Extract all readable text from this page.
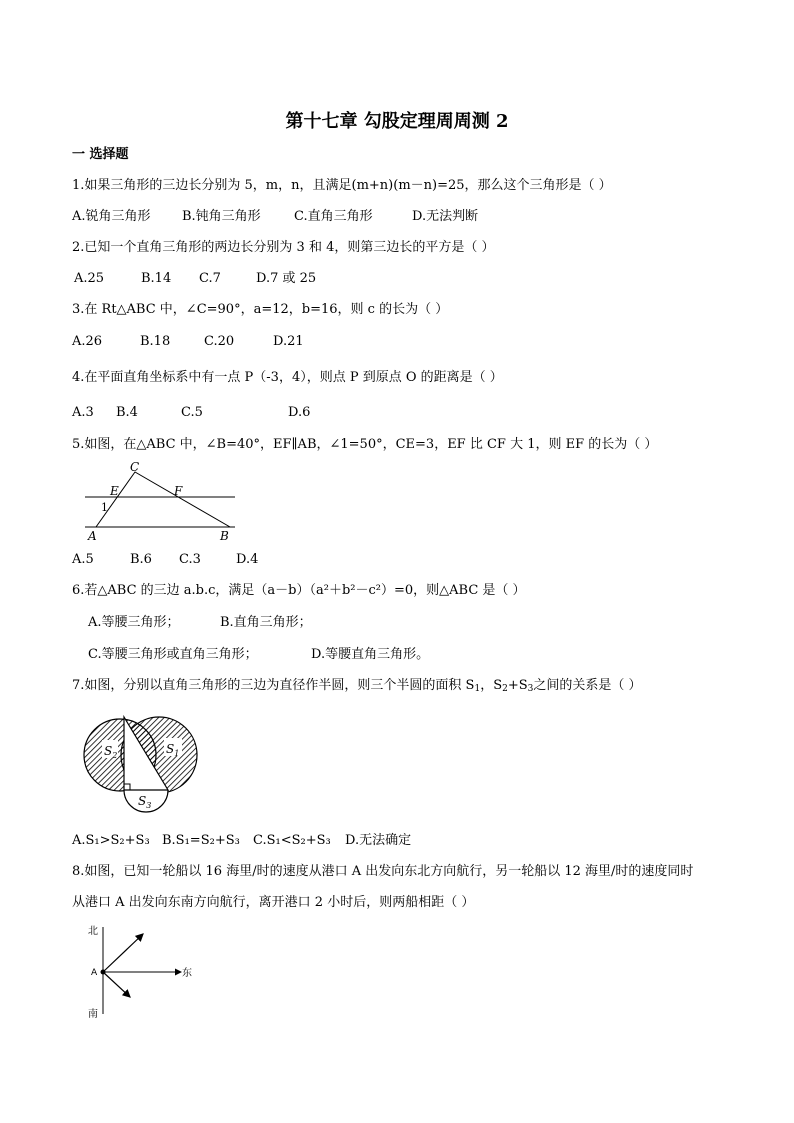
第十七章 勾股定理周周测 2
一 选择题
1.如果三角形的三边长分别为 5，m，n，且满足(m+n)(m－n)=25，那么这个三角形是（ ）
A.锐角三角形 B.钝角三角形	C.直角三角形	D.无法判断
2.已知一个直角三角形的两边长分别为 3 和 4，则第三边长的平方是（ ）
A.25	B.14 C.7	D.7 或 25
3.在 Rt△ABC 中，∠C=90°，a=12，b=16，则 c 的长为（ ）
A.26	B.18	C.20	D.21
4.在平面直角坐标系中有一点 P（-3，4），则点 P 到原点 O 的距离是（ ）
A.3 B.4	C.5	D.6
5.如图，在△ABC 中，∠B=40°，EF∥AB，∠1=50°，CE=3，EF 比 CF 大 1，则 EF 的长为（ ）
C
E	F
1
A	B
A.5	B.6 C.3	D.4
6.若△ABC 的三边 a.b.c，满足（a－b）（a²＋b²－c²）=0，则△ABC 是（ ）
A.等腰三角形；	B.直角三角形；
C.等腰三角形或直角三角形；	D.等腰直角三角形。
7.如图，分别以直角三角形的三边为直径作半圆，则三个半圆的面积 $S_1$，$S_2+S_3$之间的关系是（ ）
$S_2$	$S_1$
$S_3$
A.S₁>S₂+S₃ B.S₁=S₂+S₃ C.S₁<S₂+S₃ D.无法确定
8.如图，已知一轮船以 16 海里/时的速度从港口 A 出发向东北方向航行，另一轮船以 12 海里/时的速度同时
从港口 A 出发向东南方向航行，离开港口 2 小时后，则两船相距（ ）
北
南
东
A
